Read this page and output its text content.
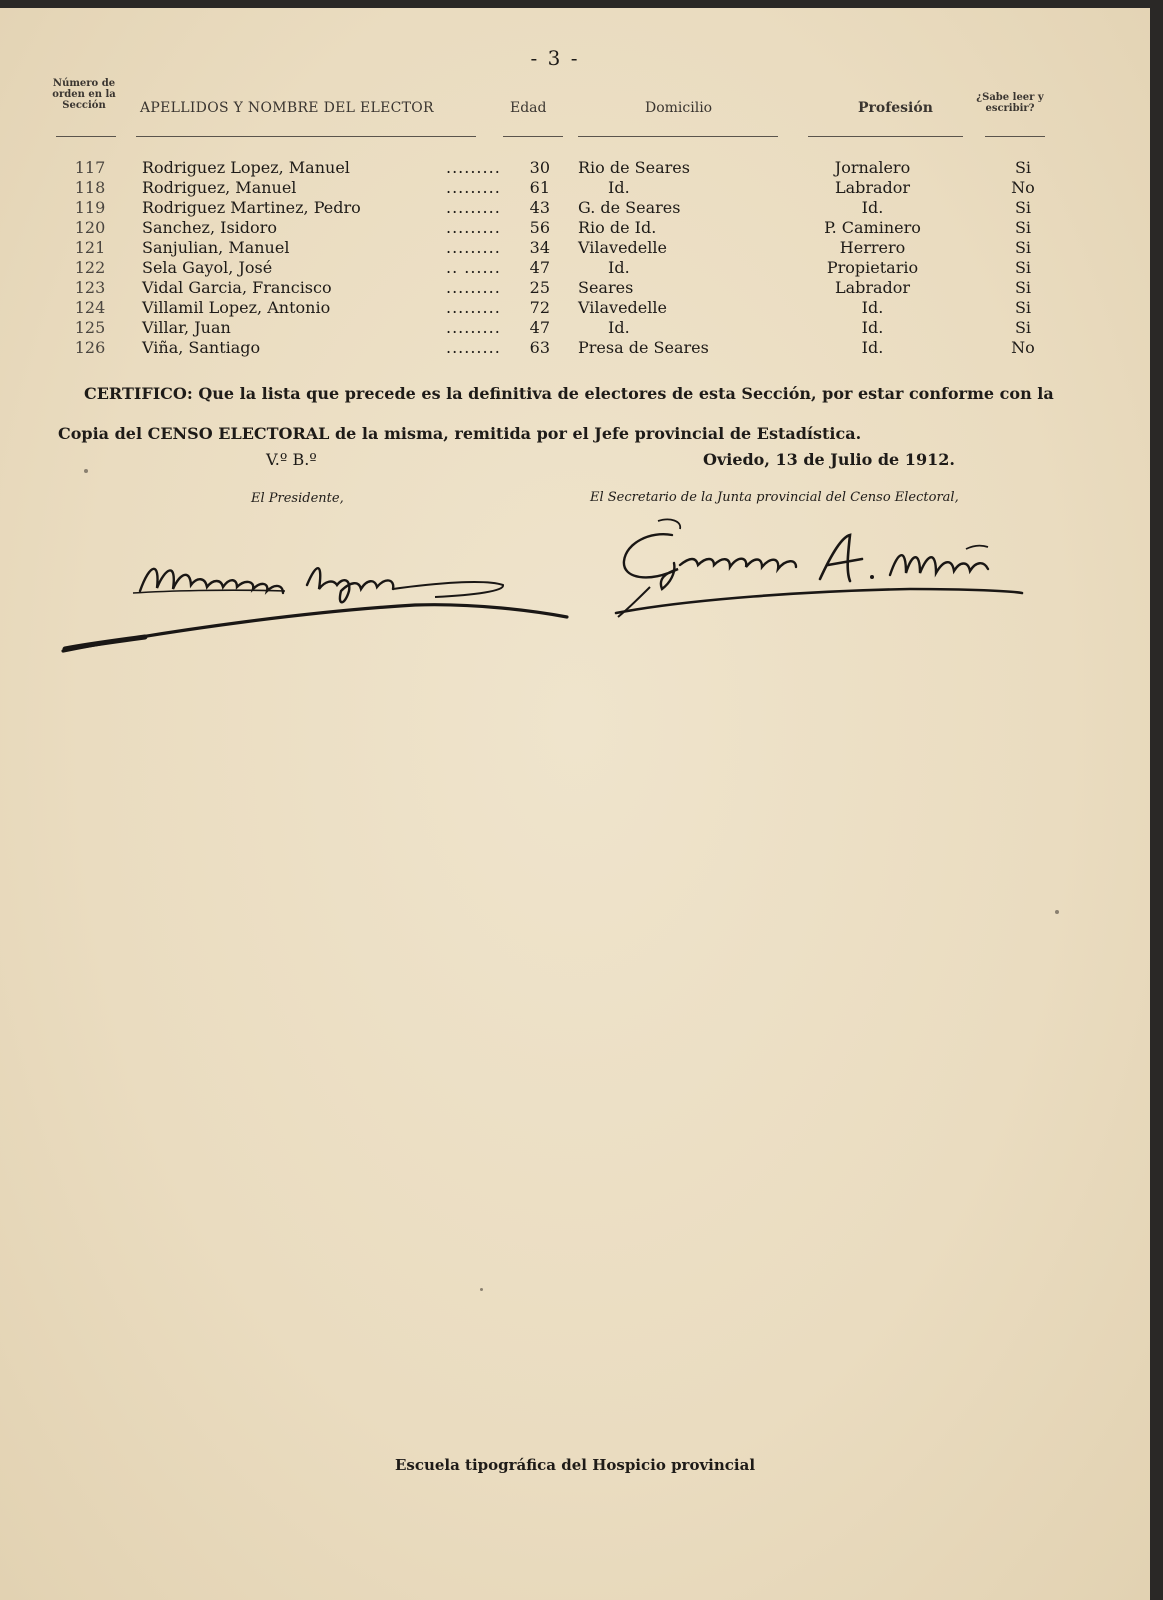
- 3 -
Número de orden en la Sección	APELLIDOS Y NOMBRE DEL ELECTOR	Edad	Domicilio	Profesión
¿Sabe leer y escribir?
117	Rodriguez Lopez, Manuel	.........	30 Rio de Seares	Jornalero	Si
118	Rodriguez, Manuel	.........	61	Id.	Labrador	No
119	Rodriguez Martinez, Pedro	.........	43 G. de Seares	Id.	Si
120	Sanchez, Isidoro	.........	56 Rio de Id.	P. Caminero	Si
121	Sanjulian, Manuel	.........	34 Vilavedelle	Herrero	Si
122	Sela Gayol, José	.. ......	47	Id.	Propietario	Si
123	Vidal Garcia, Francisco	.........	25 Seares	Labrador	Si
124	Villamil Lopez, Antonio	.........	72 Vilavedelle	Id.	Si
125	Villar, Juan	.........	47	Id.	Id.	Si
126	Viña, Santiago	.........	63 Presa de Seares	Id.	No

CERTIFICO: Que la lista que precede es la definitiva de electores de esta Sección, por estar conforme con la

Copia del CENSO ELECTORAL de la misma, remitida por el Jefe provincial de Estadística.

V.º B.º	Oviedo, 13 de Julio de 1912.
El Presidente,	El Secretario de la Junta provincial del Censo Electoral,
Escuela tipográfica del Hospicio provincial
